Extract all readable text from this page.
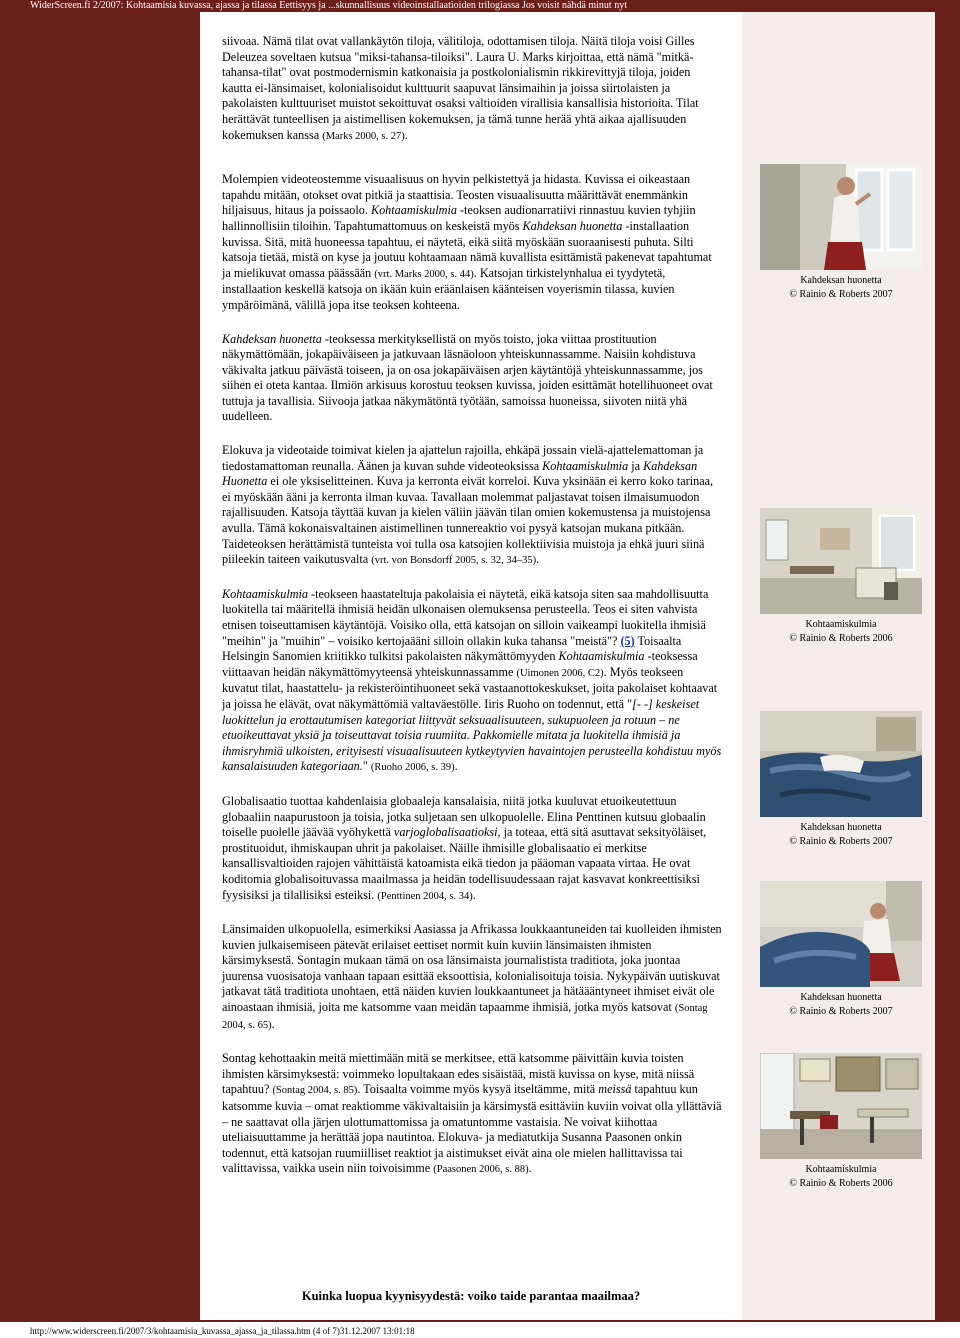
WiderScreen.fi 2/2007: Kohtaamisia kuvassa, ajassa ja tilassa Eettisyys ja ...skunnallisuus videoinstallaatioiden trilogiassa Jos voisit nähdä minut nyt

siivoaa. Nämä tilat ovat vallankäytön tiloja, välitiloja, odottamisen tiloja. Näitä tiloja voisi Gilles Deleuzea soveltaen kutsua "miksi-tahansa-tiloiksi". Laura U. Marks kirjoittaa, että nämä "mitkä-tahansa-tilat" ovat postmodernismin katkonaisia ja postkolonialismin rikkirevittyjä tiloja, joiden kautta ei-länsimaiset, kolonialisoidut kulttuurit saapuvat länsimaihin ja joissa siirtolaisten ja pakolaisten kulttuuriset muistot sekoittuvat osaksi valtioiden virallisia kansallisia historioita. Tilat herättävät tunteellisen ja aistimellisen kokemuksen, ja tämä tunne herää yhtä aikaa ajallisuuden kokemuksen kanssa (Marks 2000, s. 27).

Molempien videoteostemme visuaalisuus on hyvin pelkistettyä ja hidasta. Kuvissa ei oikeastaan tapahdu mitään, otokset ovat pitkiä ja staattisia. Teosten visuaalisuutta määrittävät enemmänkin hiljaisuus, hitaus ja poissaolo. Kohtaamiskulmia -teoksen audionarratiivi rinnastuu kuvien tyhjiin hallinnollisiin tiloihin. Tapahtumattomuus on keskeistä myös Kahdeksan huonetta -installaation kuvissa. Sitä, mitä huoneessa tapahtuu, ei näytetä, eikä siitä myöskään suoraanisesti puhuta. Silti katsoja tietää, mistä on kyse ja joutuu kohtaamaan nämä kuvallista esittämistä pakenevat tapahtumat ja mielikuvat omassa päässään (vrt. Marks 2000, s. 44). Katsojan tirkistelynhalua ei tyydytetä, installaation keskellä katsoja on ikään kuin eräänlaisen käänteisen voyerismin tilassa, kuvien ympäröimänä, välillä jopa itse teoksen kohteena.

Kahdeksan huonetta -teoksessa merkityksellistä on myös toisto, joka viittaa prostituution näkymättömään, jokapäiväiseen ja jatkuvaan läsnäoloon yhteiskunnassamme. Naisiin kohdistuva väkivalta jatkuu päivästä toiseen, ja on osa jokapäiväisen arjen käytäntöjä yhteiskunnassamme, jos siihen ei oteta kantaa. Ilmiön arkisuus korostuu teoksen kuvissa, joiden esittämät hotellihuoneet ovat tuttuja ja tavallisia. Siivooja jatkaa näkymätöntä työtään, samoissa huoneissa, siivoten niitä yhä uudelleen.

Elokuva ja videotaide toimivat kielen ja ajattelun rajoilla, ehkäpä jossain vielä-ajattelemattoman ja tiedostamattoman reunalla. Äänen ja kuvan suhde videoteoksissa Kohtaamiskulmia ja Kahdeksan Huonetta ei ole yksiselitteinen. Kuva ja kerronta eivät korreloi. Kuva yksinään ei kerro koko tarinaa, ei myöskään ääni ja kerronta ilman kuvaa. Tavallaan molemmat paljastavat toisen ilmaisumuodon rajallisuuden. Katsoja täyttää kuvan ja kielen väliin jäävän tilan omien kokemustensa ja muistojensa avulla. Tämä kokonaisvaltainen aistimellinen tunnereaktio voi pysyä katsojan mukana pitkään. Taideteoksen herättämistä tunteista voi tulla osa katsojien kollektiivisia muistoja ja ehkä juuri siinä piileekin taiteen vaikutusvalta (vrt. von Bonsdorff 2005, s. 32, 34–35).

Kohtaamiskulmia -teokseen haastateltuja pakolaisia ei näytetä, eikä katsoja siten saa mahdollisuutta luokitella tai määritellä ihmisiä heidän ulkonaisen olemuksensa perusteella. Teos ei siten vahvista etnisen toiseuttamisen käytäntöjä. Voisiko olla, että katsojan on silloin vaikeampi luokitella ihmisiä "meihin" ja "muihin" – voisiko kertojaääni silloin ollakin kuka tahansa "meistä"? (5) Toisaalta Helsingin Sanomien kriitikko tulkitsi pakolaisten näkymättömyyden Kohtaamiskulmia -teoksessa viittaavan heidän näkymättömyyteensä yhteiskunnassamme (Uimonen 2006, C2). Myös teokseen kuvatut tilat, haastattelu- ja rekisteröintihuoneet sekä vastaanottokeskukset, joita pakolaiset kohtaavat ja joissa he elävät, ovat näkymättömiä valtaväestölle. Iiris Ruoho on todennut, että "[- -] keskeiset luokittelun ja erottautumisen kategoriat liittyvät seksuaalisuuteen, sukupuoleen ja rotuun – ne etuoikeuttavat yksiä ja toiseuttavat toisia ruumiita. Pakkomielle mitata ja luokitella ihmisiä ja ihmisryhmiä ulkoisten, erityisesti visuaalisuuteen kytkeytyvien havaintojen perusteella kohdistuu myös kansalaisuuden kategoriaan." (Ruoho 2006, s. 39).

Globalisaatio tuottaa kahdenlaisia globaaleja kansalaisia, niitä jotka kuuluvat etuoikeutettuun globaaliin naapurustoon ja toisia, jotka suljetaan sen ulkopuolelle. Elina Penttinen kutsuu globaalin toiselle puolelle jäävää vyöhykettä varjoglobalisaatioksi, ja toteaa, että sitä asuttavat seksityöläiset, prostituoidut, ihmiskaupan uhrit ja pakolaiset. Näille ihmisille globalisaatio ei merkitse kansallisvaltioiden rajojen vähittäistä katoamista eikä tiedon ja pääoman vapaata virtaa. He ovat koditomia globalisoituvassa maailmassa ja heidän todellisuudessaan rajat kasvavat konkreettisiksi fyysisiksi ja tilallisiksi esteiksi. (Penttinen 2004, s. 34).

Länsimaiden ulkopuolella, esimerkiksi Aasiassa ja Afrikassa loukkaantuneiden tai kuolleiden ihmisten kuvien julkaisemiseen pätevät erilaiset eettiset normit kuin kuviin länsimaisten ihmisten kärsimyksestä. Sontagin mukaan tämä on osa länsimaista journalistista traditiota, joka juontaa juurensa vuosisatoja vanhaan tapaan esittää eksoottisia, kolonialisoituja toisia. Nykypäivän uutiskuvat jatkavat tätä traditiota unohtaen, että näiden kuvien loukkaantuneet ja hätäääntyneet ihmiset eivät ole ainoastaan ihmisiä, joita me katsomme vaan meidän tapaamme ihmisiä, jotka myös katsovat (Sontag 2004, s. 65).

Sontag kehottaakin meitä miettimään mitä se merkitsee, että katsomme päivittäin kuvia toisten ihmisten kärsimyksestä: voimmeko lopultakaan edes sisäistää, mistä kuvissa on kyse, mitä niissä tapahtuu? (Sontag 2004, s. 85). Toisaalta voimme myös kysyä itseltämme, mitä meissä tapahtuu kun katsomme kuvia – omat reaktiomme väkivaltaisiin ja kärsimystä esittäviin kuviin voivat olla yllättäviä – ne saattavat olla järjen ulottumattomissa ja omatuntomme vastaisia. Ne voivat kiihottaa uteliaisuuttamme ja herättää jopa nautintoa. Elokuva- ja mediatutkija Susanna Paasonen onkin todennut, että katsojan ruumiilliset reaktiot ja aistimukset eivät aina ole mielen hallittavissa tai valittavissa, vaikka usein niin toivoisimme (Paasonen 2006, s. 88).

Kuinka luopua kyynisyydestä: voiko taide parantaa maailmaa?
Kahdeksan huonetta
© Rainio & Roberts 2007
Kohtaamiskulmia
© Rainio & Roberts 2006
Kahdeksan huonetta
© Rainio & Roberts 2007
Kahdeksan huonetta
© Rainio & Roberts 2007
Kohtaamiskulmia
© Rainio & Roberts 2006
http://www.widerscreen.fi/2007/3/kohtaamisia_kuvassa_ajassa_ja_tilassa.htm (4 of 7)31.12.2007 13:01:18
